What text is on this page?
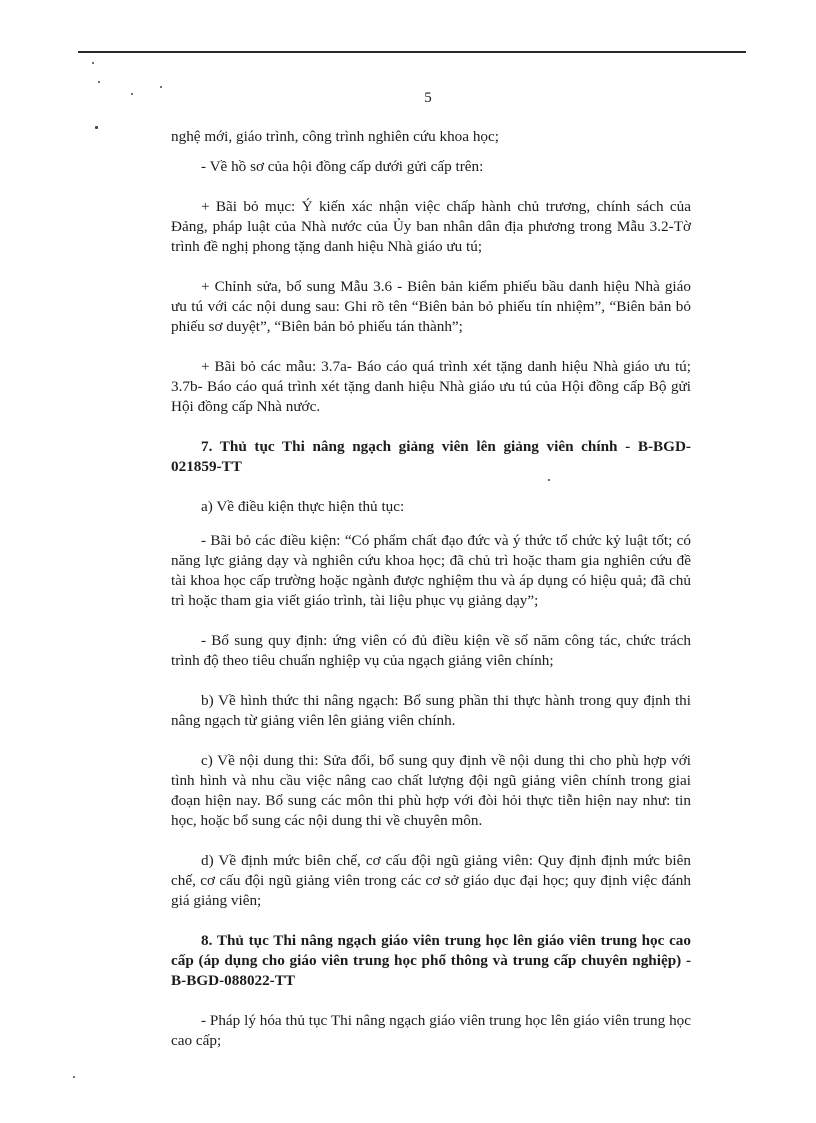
5

nghệ mới, giáo trình, công trình nghiên cứu khoa học;

- Về hồ sơ của hội đồng cấp dưới gửi cấp trên:

+ Bãi bỏ mục: Ý kiến xác nhận việc chấp hành chủ trương, chính sách của Đảng, pháp luật của Nhà nước của Ủy ban nhân dân địa phương trong Mẫu 3.2-Tờ trình đề nghị phong tặng danh hiệu Nhà giáo ưu tú;

+ Chỉnh sửa, bổ sung Mẫu 3.6 - Biên bản kiểm phiếu bầu danh hiệu Nhà giáo ưu tú với các nội dung sau: Ghi rõ tên “Biên bản bỏ phiếu tín nhiệm”, “Biên bản bỏ phiếu sơ duyệt”, “Biên bản bỏ phiếu tán thành”;

+ Bãi bỏ các mẫu: 3.7a- Báo cáo quá trình xét tặng danh hiệu Nhà giáo ưu tú; 3.7b- Báo cáo quá trình xét tặng danh hiệu Nhà giáo ưu tú của Hội đồng cấp Bộ gửi Hội đồng cấp Nhà nước.

7. Thủ tục Thi nâng ngạch giảng viên lên giảng viên chính - B-BGD-021859-TT

a) Về điều kiện thực hiện thủ tục:

- Bãi bỏ các điều kiện: “Có phẩm chất đạo đức và ý thức tổ chức kỷ luật tốt; có năng lực giảng dạy và nghiên cứu khoa học; đã chủ trì hoặc tham gia nghiên cứu đề tài khoa học cấp trường hoặc ngành được nghiệm thu và áp dụng có hiệu quả; đã chủ trì hoặc tham gia viết giáo trình, tài liệu phục vụ giảng dạy”;

- Bổ sung quy định: ứng viên có đủ điều kiện về số năm công tác, chức trách trình độ theo tiêu chuẩn nghiệp vụ của ngạch giảng viên chính;

b) Về hình thức thi nâng ngạch: Bổ sung phần thi thực hành trong quy định thi nâng ngạch từ giảng viên lên giảng viên chính.

c) Về nội dung thi: Sửa đổi, bổ sung quy định về nội dung thi cho phù hợp với tình hình và nhu cầu việc nâng cao chất lượng đội ngũ giảng viên chính trong giai đoạn hiện nay. Bổ sung các môn thi phù hợp với đòi hỏi thực tiễn hiện nay như: tin học, hoặc bổ sung các nội dung thi về chuyên môn.

d) Về định mức biên chế, cơ cấu đội ngũ giảng viên: Quy định định mức biên chế, cơ cấu đội ngũ giảng viên trong các cơ sở giáo dục đại học; quy định việc đánh giá giảng viên;

8. Thủ tục Thi nâng ngạch giáo viên trung học lên giáo viên trung học cao cấp (áp dụng cho giáo viên trung học phổ thông và trung cấp chuyên nghiệp) - B-BGD-088022-TT

- Pháp lý hóa thủ tục Thi nâng ngạch giáo viên trung học lên giáo viên trung học cao cấp;
